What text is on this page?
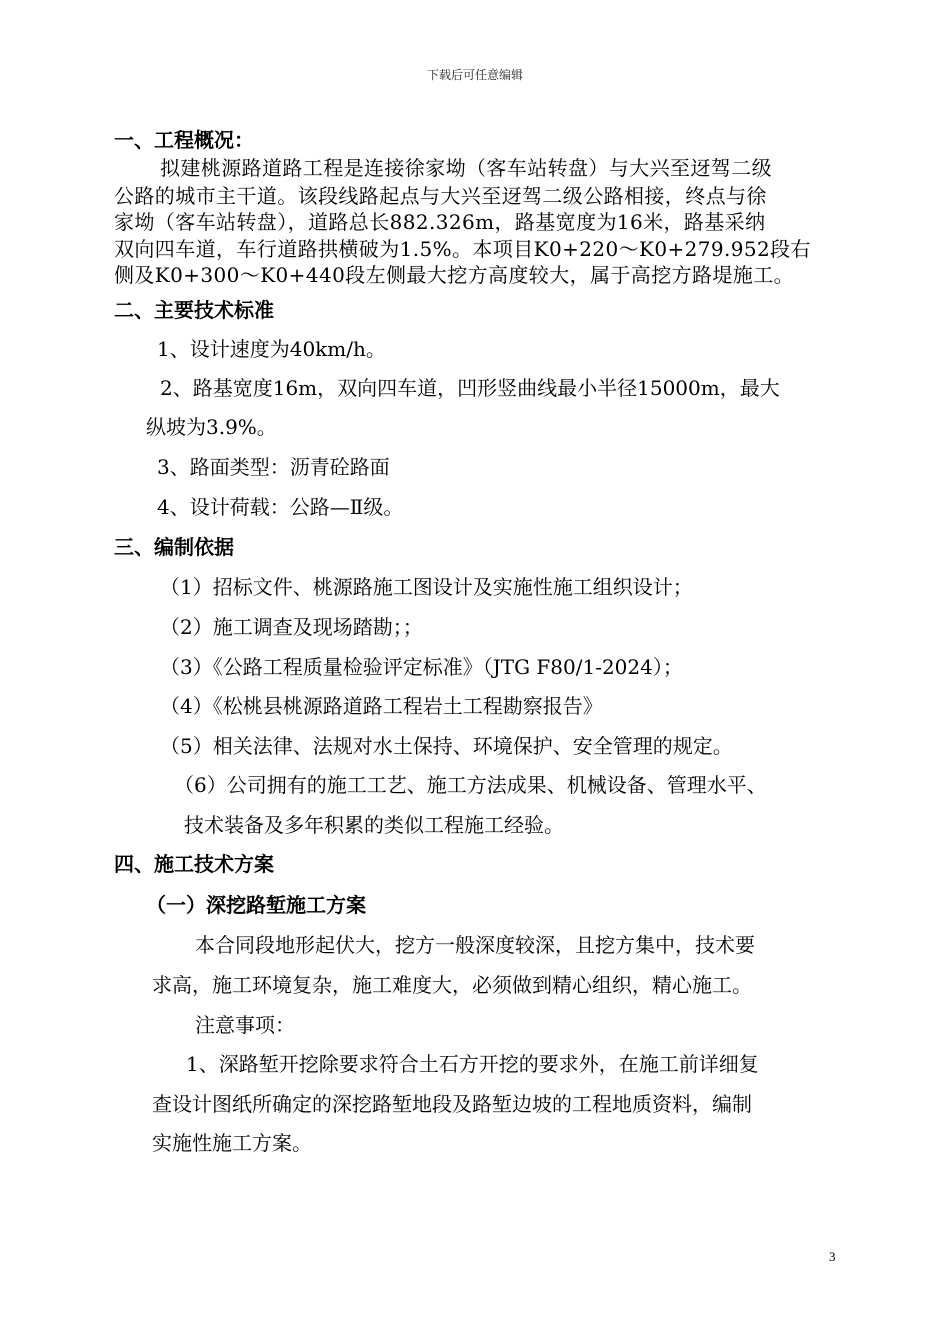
下载后可任意编辑
一、工程概况：
拟建桃源路道路工程是连接徐家坳（客车站转盘）与大兴至迓驾二级
公路的城市主干道。该段线路起点与大兴至迓驾二级公路相接，终点与徐
家坳（客车站转盘），道路总长882.326m，路基宽度为16米，路基采纳
双向四车道，车行道路拱横破为1.5%。本项目K0+220～K0+279.952段右
侧及K0+300～K0+440段左侧最大挖方高度较大，属于高挖方路堤施工。
二、主要技术标准
1、设计速度为40km/h。
2、路基宽度16m，双向四车道，凹形竖曲线最小半径15000m，最大
纵坡为3.9%。
3、路面类型：沥青砼路面
4、设计荷载：公路—Ⅱ级。
三、编制依据
（1）招标文件、桃源路施工图设计及实施性施工组织设计；
（2）施工调查及现场踏勘；；
（3）《公路工程质量检验评定标准》（JTG F80/1-2024）；
（4）《松桃县桃源路道路工程岩土工程勘察报告》
（5）相关法律、法规对水土保持、环境保护、安全管理的规定。
（6）公司拥有的施工工艺、施工方法成果、机械设备、管理水平、
技术装备及多年积累的类似工程施工经验。
四、施工技术方案
（一）深挖路堑施工方案
本合同段地形起伏大，挖方一般深度较深，且挖方集中，技术要
求高，施工环境复杂，施工难度大，必须做到精心组织，精心施工。
注意事项：
1、深路堑开挖除要求符合土石方开挖的要求外，在施工前详细复
查设计图纸所确定的深挖路堑地段及路堑边坡的工程地质资料，编制
实施性施工方案。
3
